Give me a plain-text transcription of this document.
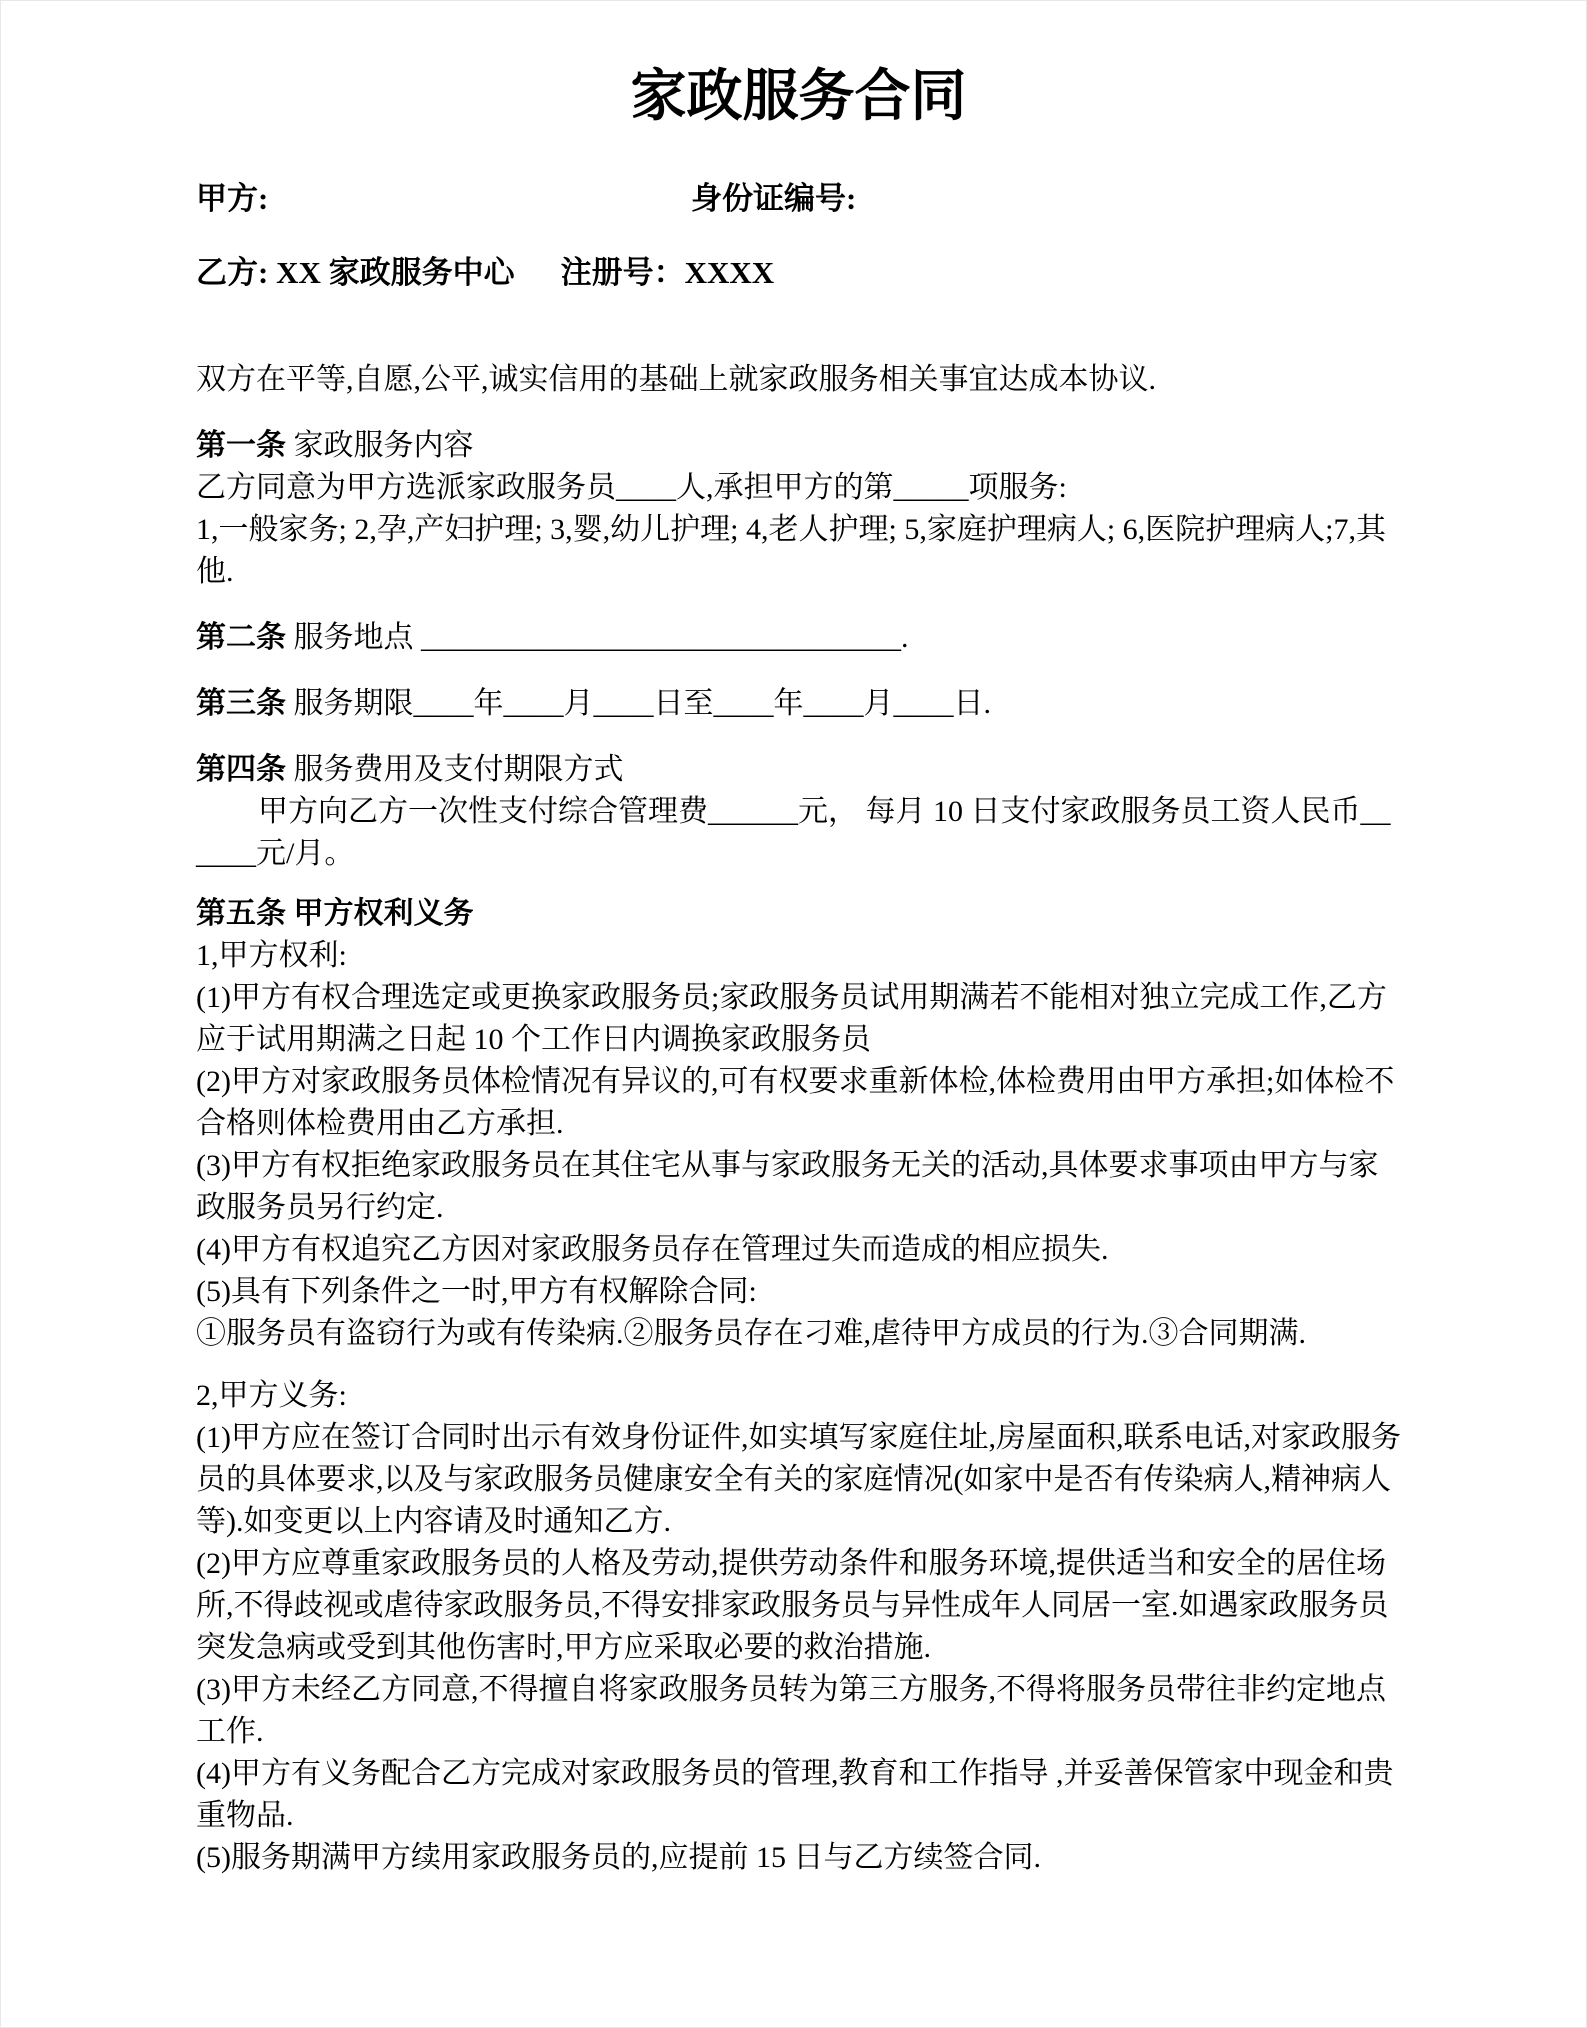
家政服务合同
甲方:	身份证编号:
乙方: XX 家政服务中心 注册号：XXXX

双方在平等,自愿,公平,诚实信用的基础上就家政服务相关事宜达成本协议.

第一条 家政服务内容

乙方同意为甲方选派家政服务员____人,承担甲方的第_____项服务:

1,一般家务; 2,孕,产妇护理; 3,婴,幼儿护理; 4,老人护理; 5,家庭护理病人; 6,医院护理病人;7,其他.

第二条 服务地点 ________________________________.

第三条 服务期限____年____月____日至____年____月____日.

第四条 服务费用及支付期限方式

甲方向乙方一次性支付综合管理费______元， 每月 10 日支付家政服务员工资人民币______元/月。

第五条 甲方权利义务

1,甲方权利:

(1)甲方有权合理选定或更换家政服务员;家政服务员试用期满若不能相对独立完成工作,乙方应于试用期满之日起 10 个工作日内调换家政服务员

(2)甲方对家政服务员体检情况有异议的,可有权要求重新体检,体检费用由甲方承担;如体检不合格则体检费用由乙方承担.

(3)甲方有权拒绝家政服务员在其住宅从事与家政服务无关的活动,具体要求事项由甲方与家政服务员另行约定.

(4)甲方有权追究乙方因对家政服务员存在管理过失而造成的相应损失.

(5)具有下列条件之一时,甲方有权解除合同:

①服务员有盗窃行为或有传染病.②服务员存在刁难,虐待甲方成员的行为.③合同期满.

2,甲方义务:

(1)甲方应在签订合同时出示有效身份证件,如实填写家庭住址,房屋面积,联系电话,对家政服务员的具体要求,以及与家政服务员健康安全有关的家庭情况(如家中是否有传染病人,精神病人等).如变更以上内容请及时通知乙方.

(2)甲方应尊重家政服务员的人格及劳动,提供劳动条件和服务环境,提供适当和安全的居住场所,不得歧视或虐待家政服务员,不得安排家政服务员与异性成年人同居一室.如遇家政服务员突发急病或受到其他伤害时,甲方应采取必要的救治措施.

(3)甲方未经乙方同意,不得擅自将家政服务员转为第三方服务,不得将服务员带往非约定地点工作.

(4)甲方有义务配合乙方完成对家政服务员的管理,教育和工作指导 ,并妥善保管家中现金和贵重物品.

(5)服务期满甲方续用家政服务员的,应提前 15 日与乙方续签合同.
